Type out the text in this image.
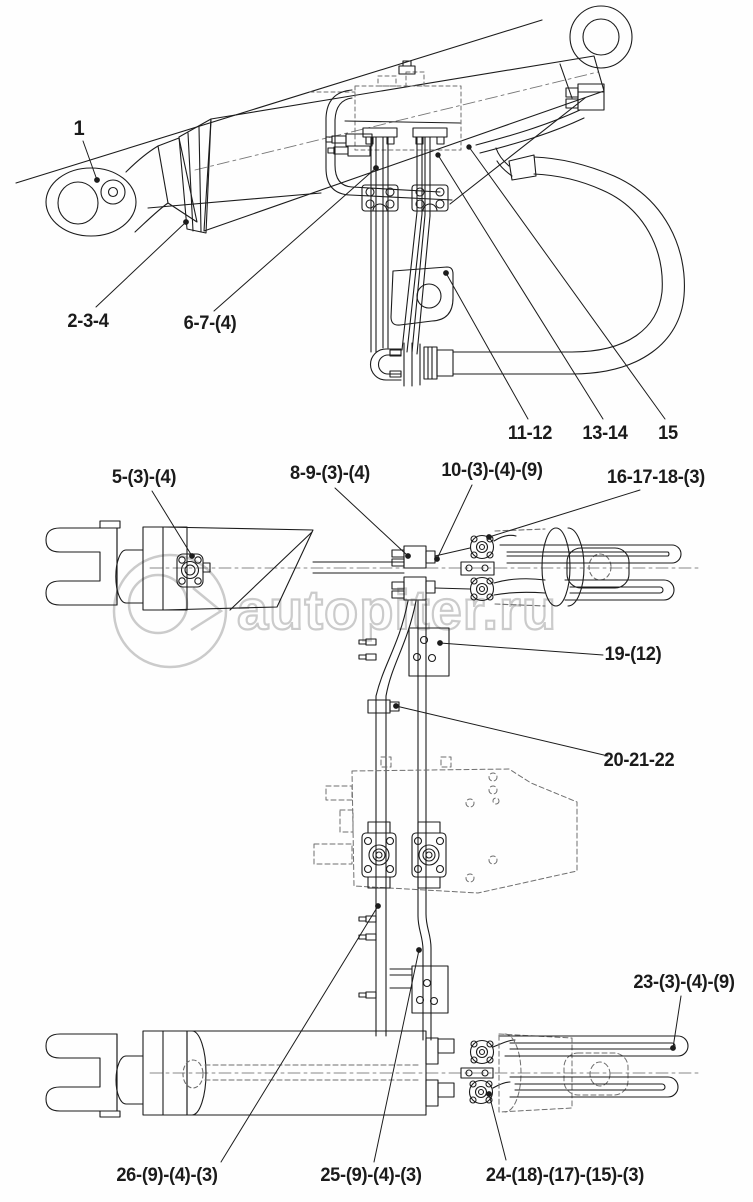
autopiter.ru
1
2-3-4	6-7-(4)
11-12 13-14 15
5-(3)-(4)	8-9-(3)-(4)	10-(3)-(4)-(9)	16-17-18-(3)
19-(12)
20-21-22
23-(3)-(4)-(9)
26-(9)-(4)-(3)	25-(9)-(4)-(3)	24-(18)-(17)-(15)-(3)
